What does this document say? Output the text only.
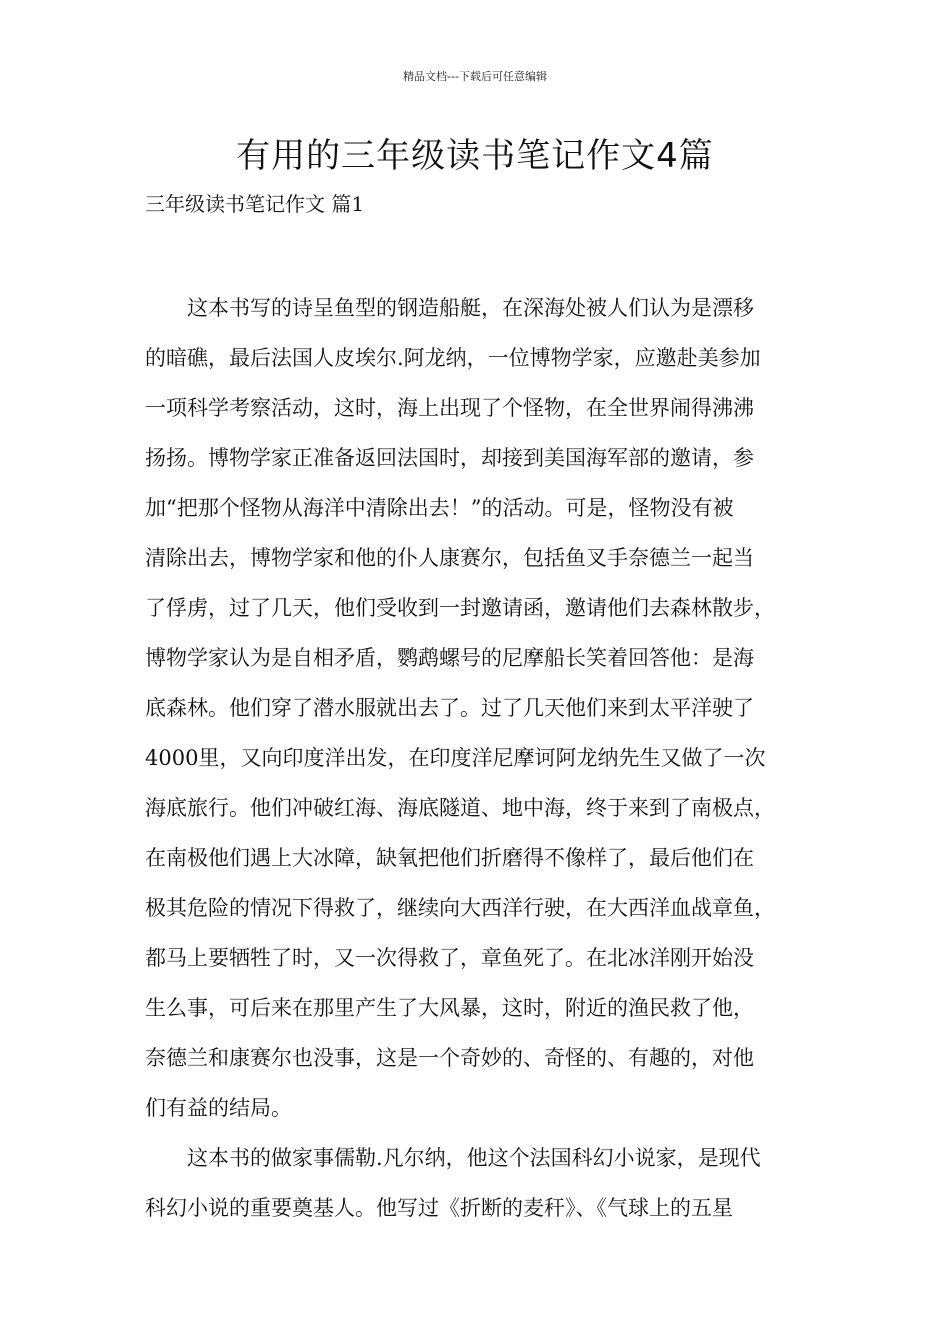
精品文档---下载后可任意编辑
有用的三年级读书笔记作文4篇
三年级读书笔记作文 篇1
　　这本书写的诗呈鱼型的钢造船艇，在深海处被人们认为是漂移
的暗礁，最后法国人皮埃尔.阿龙纳，一位博物学家，应邀赴美参加
一项科学考察活动，这时，海上出现了个怪物，在全世界闹得沸沸
扬扬。博物学家正准备返回法国时，却接到美国海军部的邀请，参
加“把那个怪物从海洋中清除出去！”的活动。可是，怪物没有被
清除出去，博物学家和他的仆人康赛尔，包括鱼叉手奈德兰一起当
了俘虏，过了几天，他们受收到一封邀请函，邀请他们去森林散步，
博物学家认为是自相矛盾，鹦鹉螺号的尼摩船长笑着回答他：是海
底森林。他们穿了潜水服就出去了。过了几天他们来到太平洋驶了
4000里，又向印度洋出发，在印度洋尼摩诃阿龙纳先生又做了一次
海底旅行。他们冲破红海、海底隧道、地中海，终于来到了南极点，
在南极他们遇上大冰障，缺氧把他们折磨得不像样了，最后他们在
极其危险的情况下得救了，继续向大西洋行驶，在大西洋血战章鱼，
都马上要牺牲了时，又一次得救了，章鱼死了。在北冰洋刚开始没
生么事，可后来在那里产生了大风暴，这时，附近的渔民救了他，
奈德兰和康赛尔也没事，这是一个奇妙的、奇怪的、有趣的，对他
们有益的结局。
　　这本书的做家事儒勒.凡尔纳，他这个法国科幻小说家，是现代
科幻小说的重要奠基人。他写过《折断的麦秆》、《气球上的五星
